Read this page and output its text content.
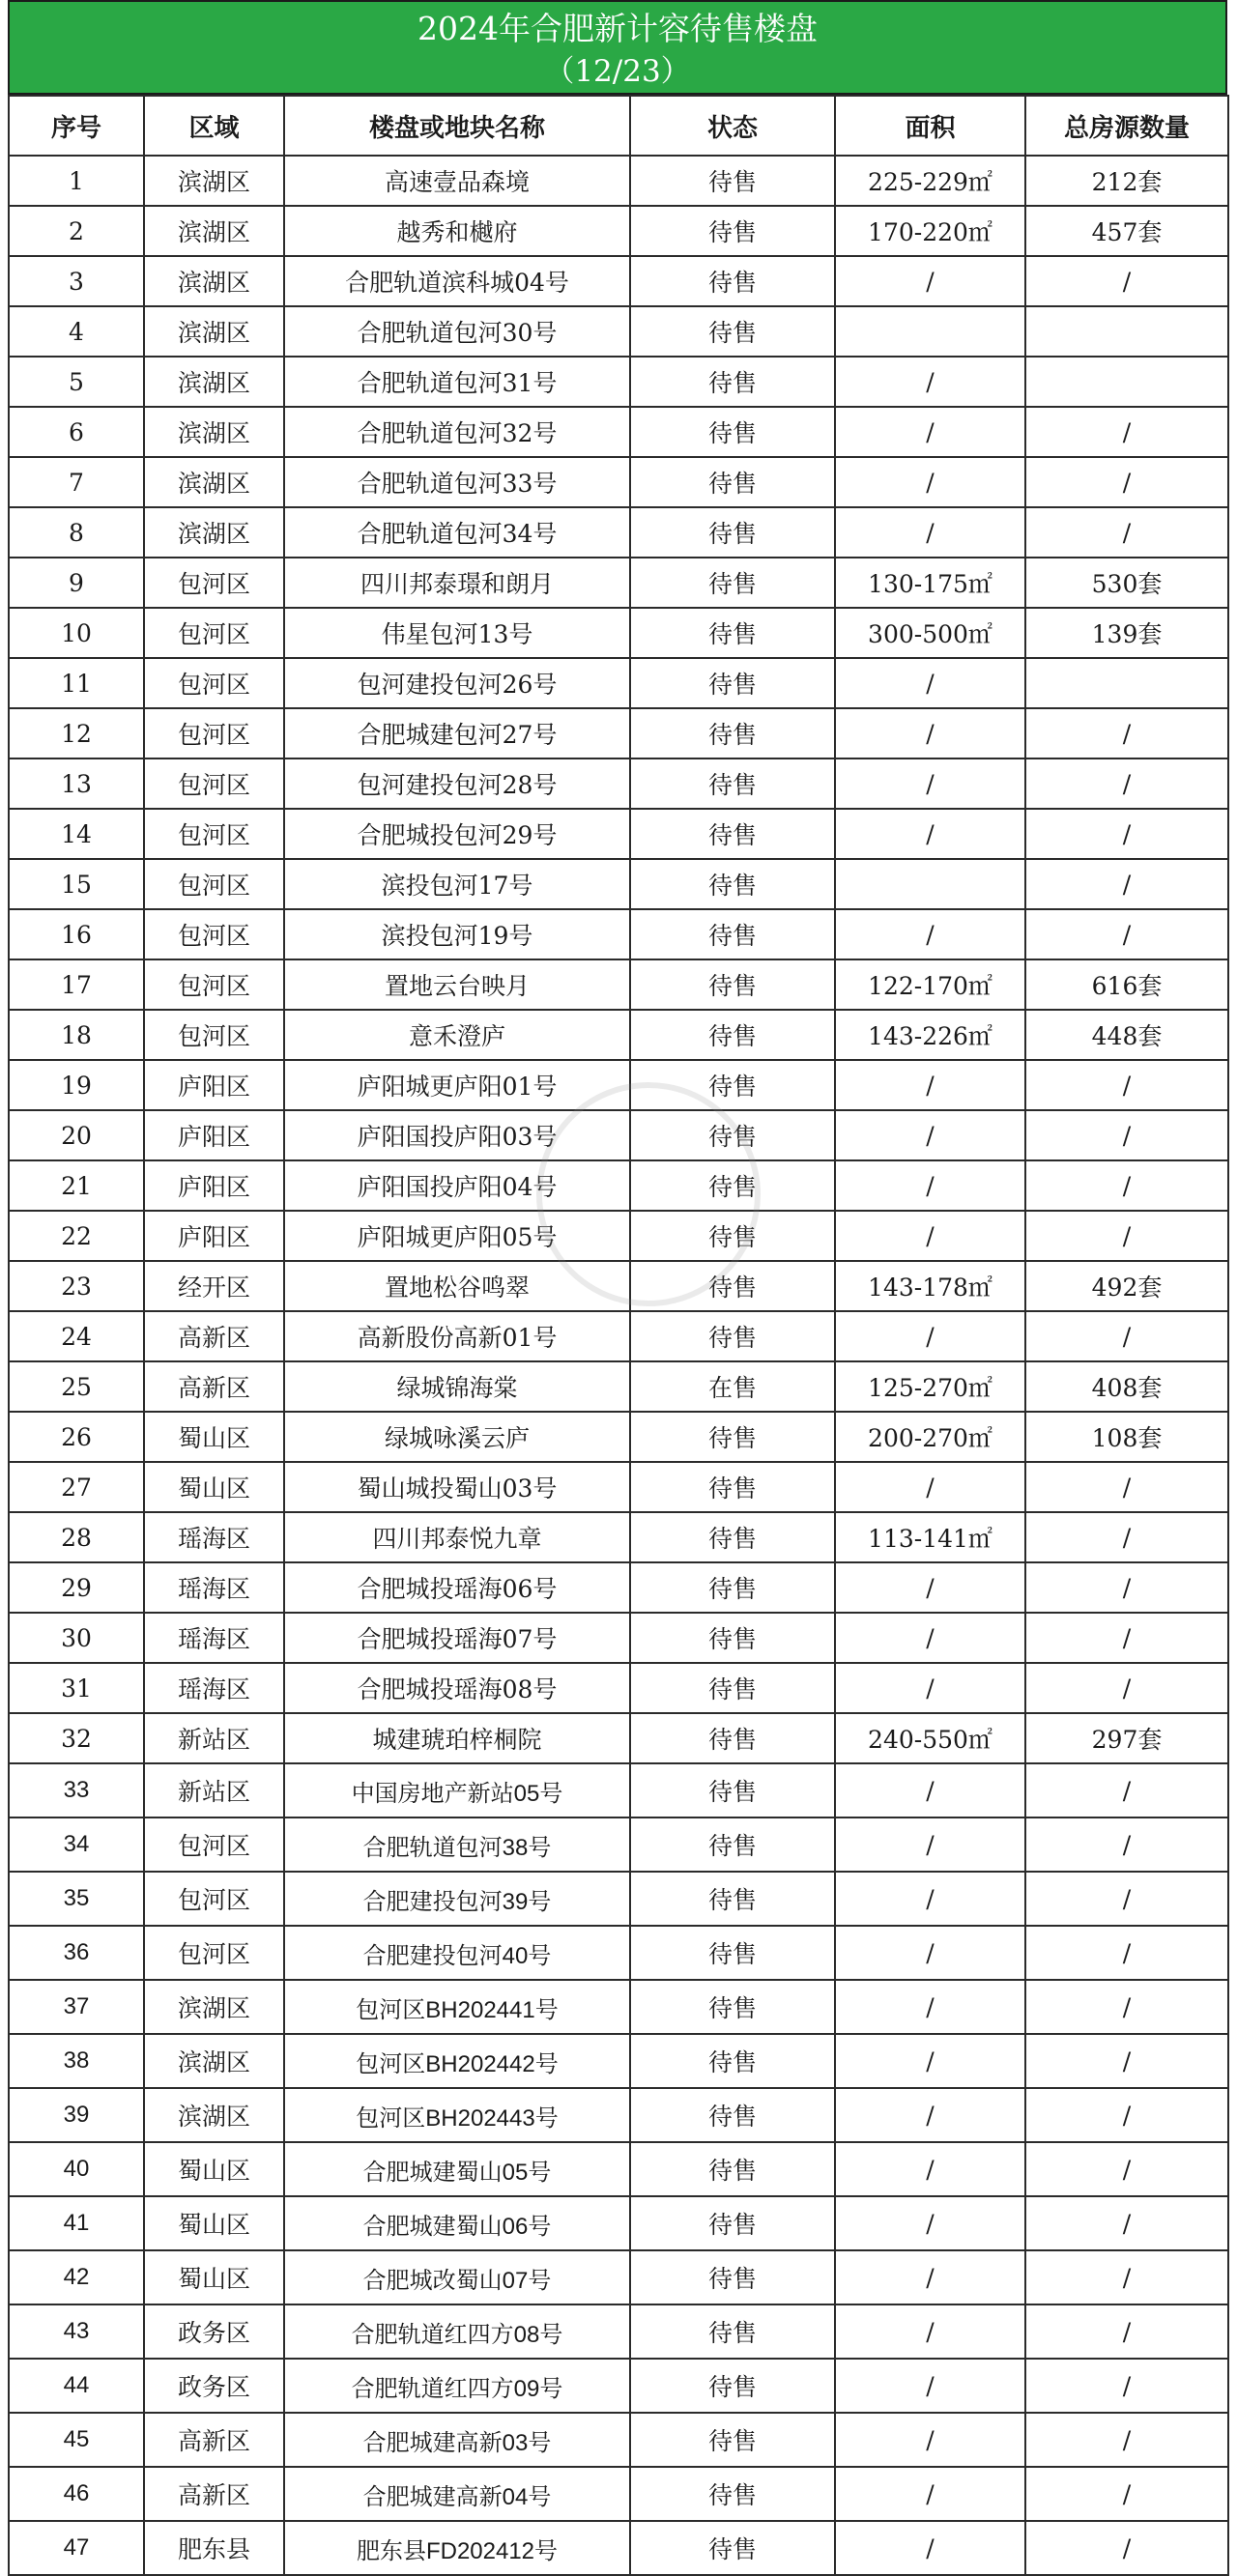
2024年合肥新计容待售楼盘
（12/23）
序号	区域	楼盘或地块名称	状态	面积	总房源数量
1	滨湖区	高速壹品森境	待售	225-229㎡	212套
2	滨湖区	越秀和樾府	待售	170-220㎡	457套
3	滨湖区	合肥轨道滨科城04号	待售	/	/
4	滨湖区	合肥轨道包河30号	待售		
5	滨湖区	合肥轨道包河31号	待售	/	
6	滨湖区	合肥轨道包河32号	待售	/	/
7	滨湖区	合肥轨道包河33号	待售	/	/
8	滨湖区	合肥轨道包河34号	待售	/	/
9	包河区	四川邦泰璟和朗月	待售	130-175㎡	530套
10	包河区	伟星包河13号	待售	300-500㎡	139套
11	包河区	包河建投包河26号	待售	/	
12	包河区	合肥城建包河27号	待售	/	/
13	包河区	包河建投包河28号	待售	/	/
14	包河区	合肥城投包河29号	待售	/	/
15	包河区	滨投包河17号	待售		/
16	包河区	滨投包河19号	待售	/	/
17	包河区	置地云台映月	待售	122-170㎡	616套
18	包河区	意禾澄庐	待售	143-226㎡	448套
19	庐阳区	庐阳城更庐阳01号	待售	/	/
20	庐阳区	庐阳国投庐阳03号	待售	/	/
21	庐阳区	庐阳国投庐阳04号	待售	/	/
22	庐阳区	庐阳城更庐阳05号	待售	/	/
23	经开区	置地松谷鸣翠	待售	143-178㎡	492套
24	高新区	高新股份高新01号	待售	/	/
25	高新区	绿城锦海棠	在售	125-270㎡	408套
26	蜀山区	绿城咏溪云庐	待售	200-270㎡	108套
27	蜀山区	蜀山城投蜀山03号	待售	/	/
28	瑶海区	四川邦泰悦九章	待售	113-141㎡	/
29	瑶海区	合肥城投瑶海06号	待售	/	/
30	瑶海区	合肥城投瑶海07号	待售	/	/
31	瑶海区	合肥城投瑶海08号	待售	/	/
32	新站区	城建琥珀梓桐院	待售	240-550㎡	297套
33	新站区	中国房地产新站05号	待售	/	/
34	包河区	合肥轨道包河38号	待售	/	/
35	包河区	合肥建投包河39号	待售	/	/
36	包河区	合肥建投包河40号	待售	/	/
37	滨湖区	包河区BH202441号	待售	/	/
38	滨湖区	包河区BH202442号	待售	/	/
39	滨湖区	包河区BH202443号	待售	/	/
40	蜀山区	合肥城建蜀山05号	待售	/	/
41	蜀山区	合肥城建蜀山06号	待售	/	/
42	蜀山区	合肥城改蜀山07号	待售	/	/
43	政务区	合肥轨道红四方08号	待售	/	/
44	政务区	合肥轨道红四方09号	待售	/	/
45	高新区	合肥城建高新03号	待售	/	/
46	高新区	合肥城建高新04号	待售	/	/
47	肥东县	肥东县FD202412号	待售	/	/
